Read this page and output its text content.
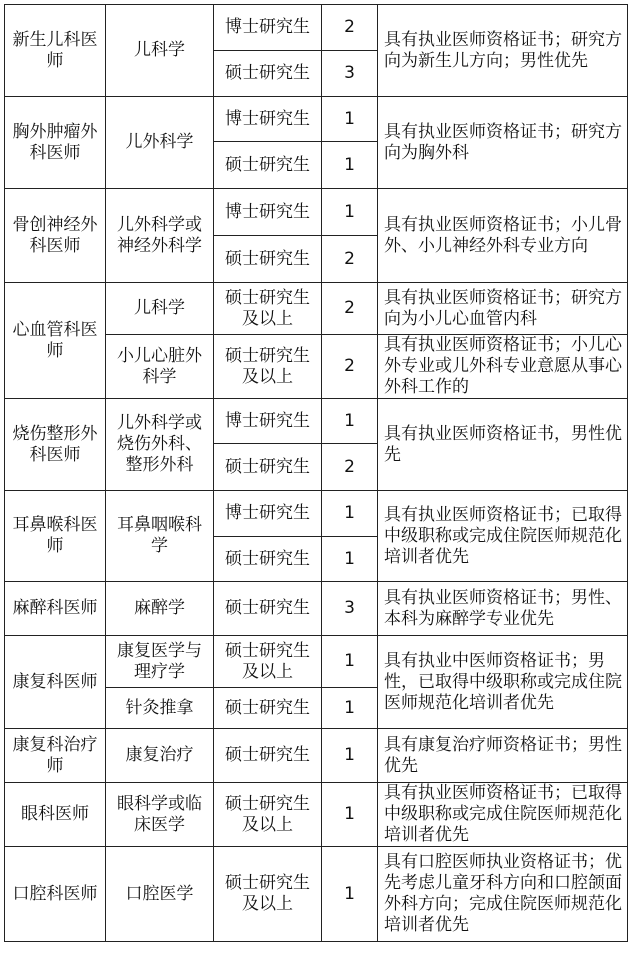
新生儿科医师	儿科学	博士研究生	2	具有执业医师资格证书；研究方向为新生儿方向；男性优先
		硕士研究生	3	
胸外肿瘤外科医师	儿外科学	博士研究生	1	具有执业医师资格证书；研究方向为胸外科
		硕士研究生	1	
骨创神经外科医师	儿外科学或神经外科学	博士研究生	1	具有执业医师资格证书；小儿骨外、小儿神经外科专业方向
		硕士研究生	2	
心血管科医师	儿科学	硕士研究生及以上	2	具有执业医师资格证书；研究方向为小儿心血管内科
	小儿心脏外科学	硕士研究生及以上	2	具有执业医师资格证书；小儿心外专业或儿外科专业意愿从事心外科工作的
烧伤整形外科医师	儿外科学或烧伤外科、整形外科	博士研究生	1	具有执业医师资格证书，男性优先
		硕士研究生	2	
耳鼻喉科医师	耳鼻咽喉科学	博士研究生	1	具有执业医师资格证书；已取得中级职称或完成住院医师规范化培训者优先
		硕士研究生	1	
麻醉科医师	麻醉学	硕士研究生	3	具有执业医师资格证书；男性、本科为麻醉学专业优先
康复科医师	康复医学与理疗学	硕士研究生及以上	1	具有执业中医师资格证书；男性，已取得中级职称或完成住院医师规范化培训者优先
	针灸推拿	硕士研究生	1	
康复科治疗师	康复治疗	硕士研究生	1	具有康复治疗师资格证书；男性优先
眼科医师	眼科学或临床医学	硕士研究生及以上	1	具有执业医师资格证书；已取得中级职称或完成住院医师规范化培训者优先
口腔科医师	口腔医学	硕士研究生及以上	1	具有口腔医师执业资格证书；优先考虑儿童牙科方向和口腔颌面外科方向；完成住院医师规范化培训者优先
